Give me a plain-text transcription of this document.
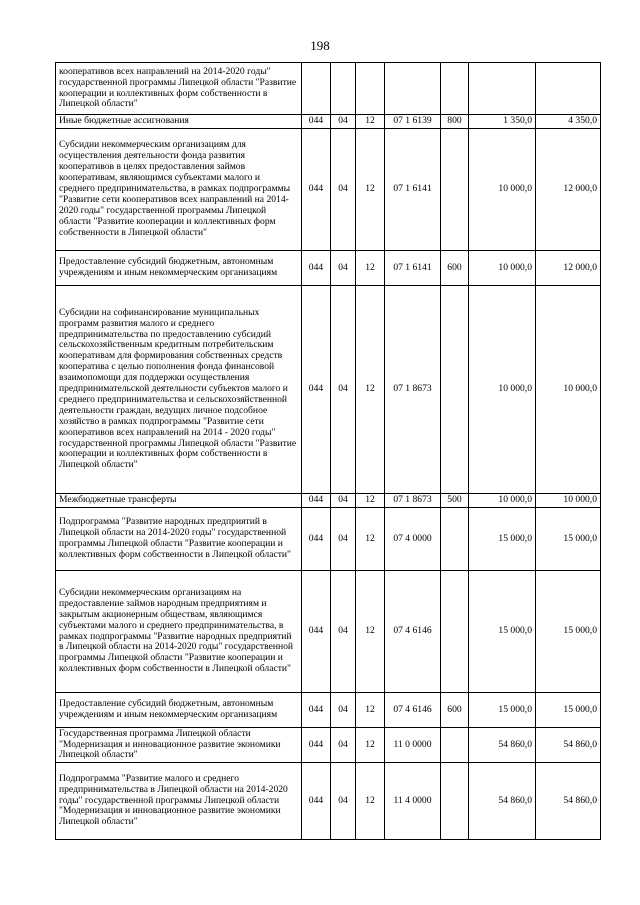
198
кооперативов всех направлений на 2014-2020 годы" государственной программы Липецкой области "Развитие кооперации и коллективных форм собственности в Липецкой области"							
Иные бюджетные ассигнования	044	04	12	07 1 6139	800	1 350,0	4 350,0
Субсидии некоммерческим организациям для осуществления деятельности фонда развития кооперативов в целях предоставления займов кооперативам, являющимся субъектами малого и среднего предпринимательства, в рамках подпрограммы "Развитие сети кооперативов всех направлений на 2014-2020 годы" государственной программы Липецкой области "Развитие кооперации и коллективных форм собственности в Липецкой области"	044	04	12	07 1 6141		10 000,0	12 000,0
Предоставление субсидий бюджетным, автономным учреждениям и иным некоммерческим организациям	044	04	12	07 1 6141	600	10 000,0	12 000,0
Субсидии на софинансирование муниципальных программ развития малого и среднего предпринимательства по предоставлению субсидий сельскохозяйственным кредитным потребительским кооперативам для формирования собственных средств кооператива с целью пополнения фонда финансовой взаимопомощи для поддержки осуществления предпринимательской деятельности субъектов малого и среднего предпринимательства и сельскохозяйственной деятельности граждан, ведущих личное подсобное хозяйство в рамках подпрограммы "Развитие сети кооперативов всех направлений на 2014 - 2020 годы" государственной программы Липецкой области "Развитие кооперации и коллективных форм собственности в Липецкой области"	044	04	12	07 1 8673		10 000,0	10 000,0
Межбюджетные трансферты	044	04	12	07 1 8673	500	10 000,0	10 000,0
Подпрограмма "Развитие народных предприятий в Липецкой области на 2014-2020 годы" государственной программы Липецкой области "Развитие кооперации и коллективных форм собственности в Липецкой области"	044	04	12	07 4 0000		15 000,0	15 000,0
Субсидии некоммерческим организациям на предоставление займов народным предприятиям и закрытым акционерным обществам, являющимся субъектами малого и среднего предпринимательства, в рамках подпрограммы "Развитие народных предприятий в Липецкой области на 2014-2020 годы" государственной программы Липецкой области "Развитие кооперации и коллективных форм собственности в Липецкой области"	044	04	12	07 4 6146		15 000,0	15 000,0
Предоставление субсидий бюджетным, автономным учреждениям и иным некоммерческим организациям	044	04	12	07 4 6146	600	15 000,0	15 000,0
Государственная программа Липецкой области "Модернизация и инновационное развитие экономики Липецкой области"	044	04	12	11 0 0000		54 860,0	54 860,0
Подпрограмма "Развитие малого и среднего предпринимательства в Липецкой области на 2014-2020 годы" государственной программы Липецкой области "Модернизация и инновационное развитие экономики Липецкой области"	044	04	12	11 4 0000		54 860,0	54 860,0
